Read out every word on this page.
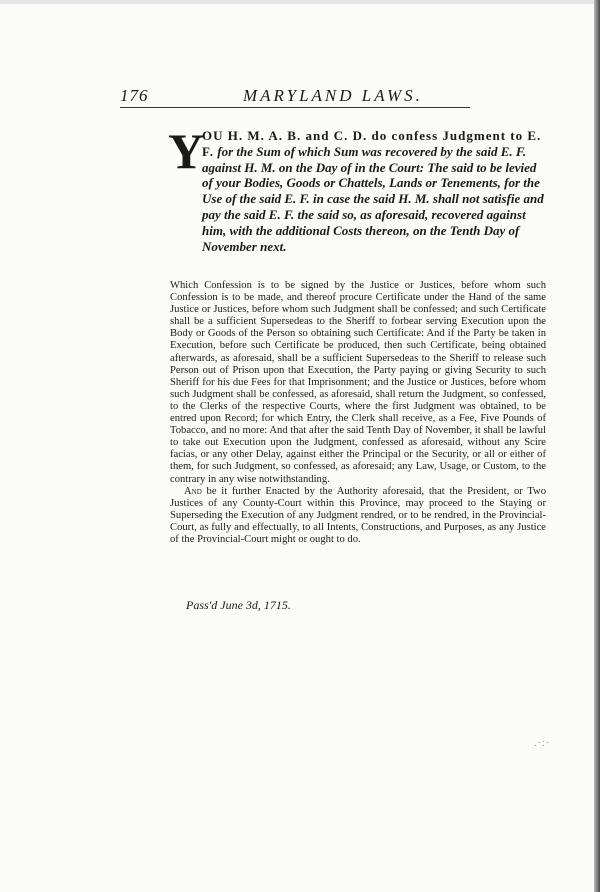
176	MARYLAND LAWS.
Y
OU H. M. A. B. and C. D. do confess Judgment to E. F. for the Sum of which Sum was recovered by the said E. F. against H. M. on the Day of in the Court: The said to be levied of your Bodies, Goods or Chattels, Lands or Tenements, for the Use of the said E. F. in case the said H. M. shall not satisfie and pay the said E. F. the said so, as aforesaid, recovered against him, with the additional Costs thereon, on the Tenth Day of November next.

Which Confession is to be signed by the Justice or Justices, before whom such Confession is to be made, and thereof procure Certificate under the Hand of the same Justice or Justices, before whom such Judgment shall be confessed; and such Certificate shall be a sufficient Supersedeas to the Sheriff to forbear serving Execution upon the Body or Goods of the Person so obtaining such Certificate: And if the Party be taken in Execution, before such Certificate be produced, then such Certificate, being obtained afterwards, as aforesaid, shall be a sufficient Supersedeas to the Sheriff to release such Person out of Prison upon that Execution, the Party paying or giving Security to such Sheriff for his due Fees for that Imprisonment; and the Justice or Justices, before whom such Judgment shall be confessed, as aforesaid, shall return the Judgment, so confessed, to the Clerks of the respective Courts, where the first Judgment was obtained, to be entred upon Record; for which Entry, the Clerk shall receive, as a Fee, Five Pounds of Tobacco, and no more: And that after the said Tenth Day of November, it shall be lawful to take out Execution upon the Judgment, confessed as aforesaid, without any Scire facias, or any other Delay, against either the Principal or the Security, or all or either of them, for such Judgment, so confessed, as aforesaid; any Law, Usage, or Custom, to the contrary in any wise notwithstanding.

And be it further Enacted by the Authority aforesaid, that the President, or Two Justices of any County-Court within this Province, may proceed to the Staying or Superseding the Execution of any Judgment rendred, or to be rendred, in the Provincial-Court, as fully and effectually, to all Intents, Constructions, and Purposes, as any Justice of the Provincial-Court might or ought to do.

Pass'd June 3d, 1715.
.·:·
